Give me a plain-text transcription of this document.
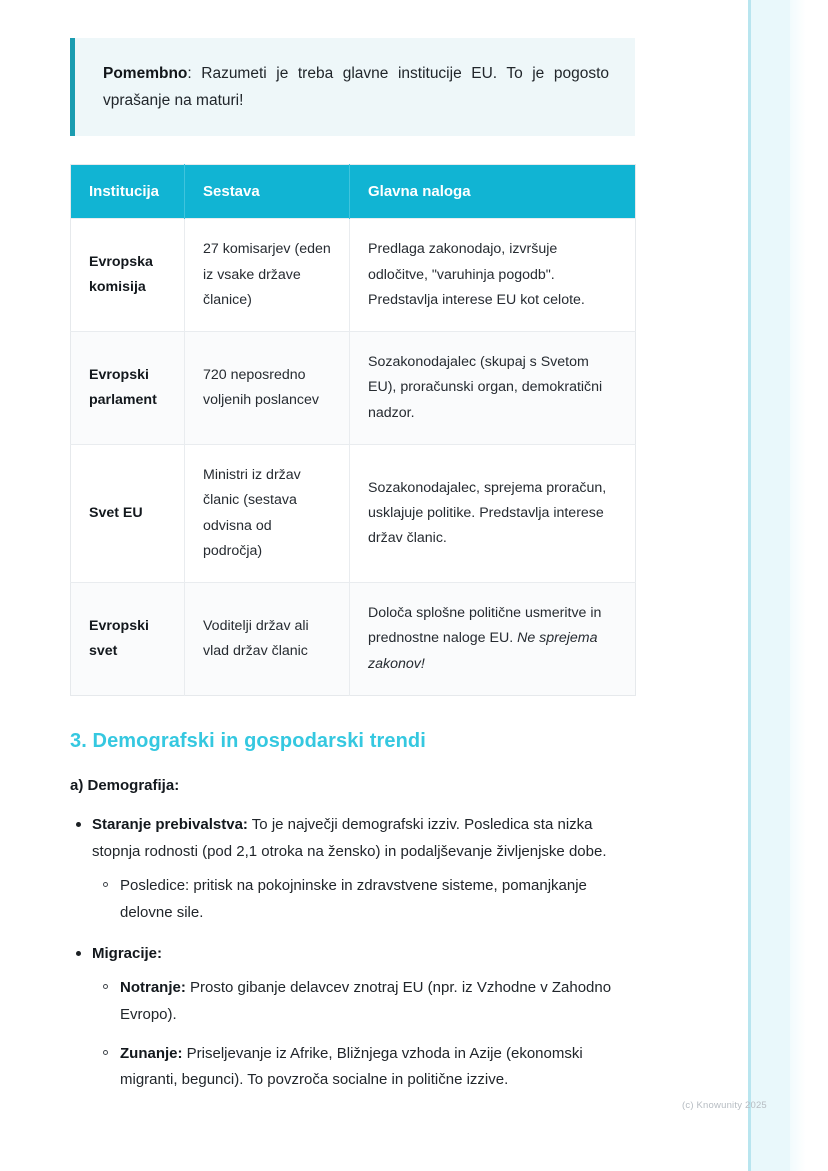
Pomembno: Razumeti je treba glavne institucije EU. To je pogosto vprašanje na maturi!

Institucija	Sestava	Glavna naloga
Evropska komisija	27 komisarjev (eden iz vsake države članice)	Predlaga zakonodajo, izvršuje odločitve, "varuhinja pogodb". Predstavlja interese EU kot celote.
Evropski parlament	720 neposredno voljenih poslancev	Sozakonodajalec (skupaj s Svetom EU), proračunski organ, demokratični nadzor.
Svet EU	Ministri iz držav članic (sestava odvisna od področja)	Sozakonodajalec, sprejema proračun, usklajuje politike. Predstavlja interese držav članic.
Evropski svet	Voditelji držav ali vlad držav članic	Določa splošne politične usmeritve in prednostne naloge EU. Ne sprejema zakonov!
3. Demografski in gospodarski trendi
a) Demografija:
Staranje prebivalstva: To je največji demografski izziv. Posledica sta nizka stopnja rodnosti (pod 2,1 otroka na žensko) in podaljševanje življenjske dobe.
Posledice: pritisk na pokojninske in zdravstvene sisteme, pomanjkanje delovne sile.
Migracije:
Notranje: Prosto gibanje delavcev znotraj EU (npr. iz Vzhodne v Zahodno Evropo).
Zunanje: Priseljevanje iz Afrike, Bližnjega vzhoda in Azije (ekonomski migranti, begunci). To povzroča socialne in politične izzive.
(c) Knowunity 2025
